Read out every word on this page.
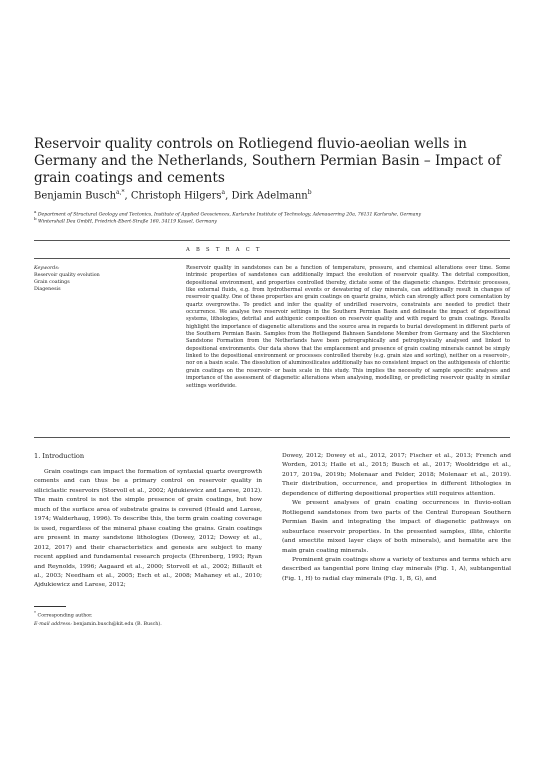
Reservoir quality controls on Rotliegend fluvio-aeolian wells in Germany and the Netherlands, Southern Permian Basin – Impact of grain coatings and cements
Benjamin Busch$^{a,*}$, Christoph Hilgers$^a$, Dirk Adelmann$^b$
$^a$ Department of Structural Geology and Tectonics, Institute of Applied Geosciences, Karlsruhe Institute of Technology, Adenauerring 20a, 76131 Karlsruhe, Germany
$^b$ Wintershall Dea GmbH, Friedrich-Ebert-Straße 160, 34119 Kassel, Germany
A B S T R A C T
Keywords:
Reservoir quality evolution
Grain coatings
Diagenesis
Reservoir quality in sandstones can be a function of temperature, pressure, and chemical alterations over time. Some intrinsic properties of sandstones can additionally impact the evolution of reservoir quality. The detrital composition, depositional environment, and properties controlled thereby, dictate some of the diagenetic changes. Extrinsic processes, like external fluids, e.g. from hydrothermal events or dewatering of clay minerals, can additionally result in changes of reservoir quality. One of these properties are grain coatings on quartz grains, which can strongly affect pore cementation by quartz overgrowths. To predict and infer the quality of undrilled reservoirs, constraints are needed to predict their occurrence. We analyse two reservoir settings in the Southern Permian Basin and delineate the impact of depositional systems, lithologies, detrital and authigenic composition on reservoir quality and with regard to grain coatings. Results highlight the importance of diagenetic alterations and the source area in regards to burial development in different parts of the Southern Permian Basin. Samples from the Rotliegend Bahnsen Sandstone Member from Germany and the Slochteren Sandstone Formation from the Netherlands have been petrographically and petrophysically analysed and linked to depositional environments. Our data shows that the emplacement and presence of grain coating minerals cannot be simply linked to the depositional environment or processes controlled thereby (e.g. grain size and sorting), neither on a reservoir-, nor on a basin scale. The dissolution of aluminosilicates additionally has no consistent impact on the authigenesis of chloritic grain coatings on the reservoir- or basin scale in this study. This implies the necessity of sample specific analyses and importance of the assessment of diagenetic alterations when analysing, modelling, or predicting reservoir quality in similar settings worldwide.
1. Introduction

Grain coatings can impact the formation of syntaxial quartz overgrowth cements and can thus be a primary control on reservoir quality in siliciclastic reservoirs (Storvoll et al., 2002; Ajdukiewicz and Larese, 2012). The main control is not the simple presence of grain coatings, but how much of the surface area of substrate grains is covered (Heald and Larese, 1974; Walderhaug, 1996). To describe this, the term grain coating coverage is used, regardless of the mineral phase coating the grains. Grain coatings are present in many sandstone lithologies (Dowey, 2012; Dowey et al., 2012, 2017) and their characteristics and genesis are subject to many recent applied and fundamental research projects (Ehrenberg, 1993; Ryan and Reynolds, 1996; Aagaard et al., 2000; Storvoll et al., 2002; Billault et al., 2003; Needham et al., 2005; Esch et al., 2008; Mahaney et al., 2010; Ajdukiewicz and Larese, 2012;

Dowey, 2012; Dowey et al., 2012, 2017; Fischer et al., 2013; French and Worden, 2013; Haile et al., 2015; Busch et al., 2017; Wooldridge et al., 2017, 2019a, 2019b; Molenaar and Felder, 2018; Molenaar et al., 2019). Their distribution, occurrence, and properties in different lithologies in dependence of differing depositional properties still requires attention.

We present analyses of grain coating occurrences in fluvio-eolian Rotliegend sandstones from two parts of the Central European Southern Permian Basin and integrating the impact of diagenetic pathways on subsurface reservoir properties. In the presented samples, illite, chlorite (and smectite mixed layer clays of both minerals), and hematite are the main grain coating minerals.

Prominent grain coatings show a variety of textures and terms which are described as tangential pore lining clay minerals (Fig. 1, A), subtangential (Fig. 1, H) to radial clay minerals (Fig. 1, B, G), and

* Corresponding author.
E-mail address: benjamin.busch@kit.edu (B. Busch).
